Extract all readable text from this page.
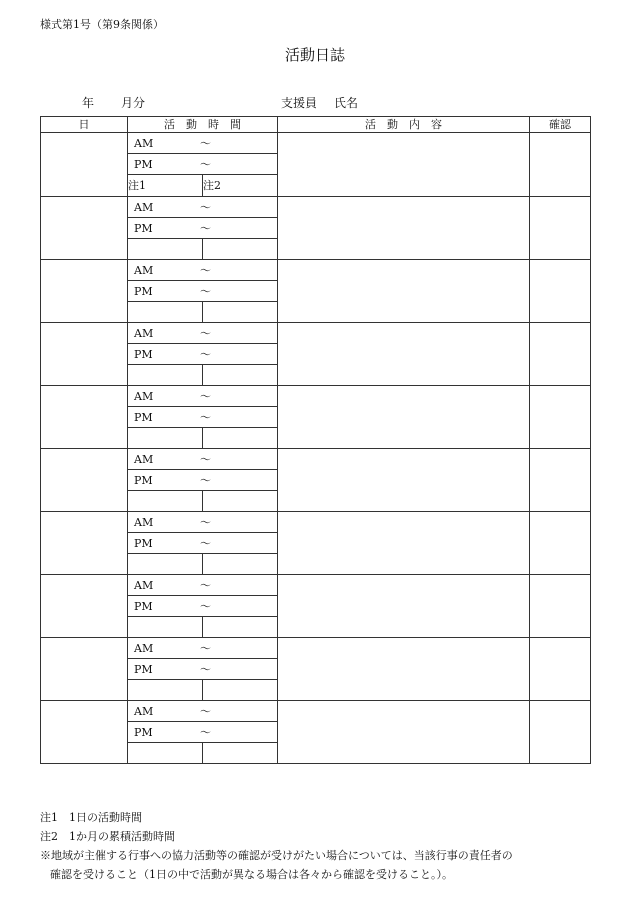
様式第1号（第9条関係）
活動日誌
年 月分	支援員 氏名
日	活　動　時　間		活　動　内　容	確認

	AM 〜			

	PM 〜			

	注1	注2		

	AM 〜			

	PM 〜			

	AM 〜			

	PM 〜			

	AM 〜			

	PM 〜			

	AM 〜			

	PM 〜			

	AM 〜			

	PM 〜			

	AM 〜			

	PM 〜			

	AM 〜			

	PM 〜			

	AM 〜			

	PM 〜			

	AM 〜			

	PM 〜			

注1　1日の活動時間
注2　1か月の累積活動時間
※地域が主催する行事への協力活動等の確認が受けがたい場合については、当該行事の責任者の
確認を受けること（1日の中で活動が異なる場合は各々から確認を受けること。）。
